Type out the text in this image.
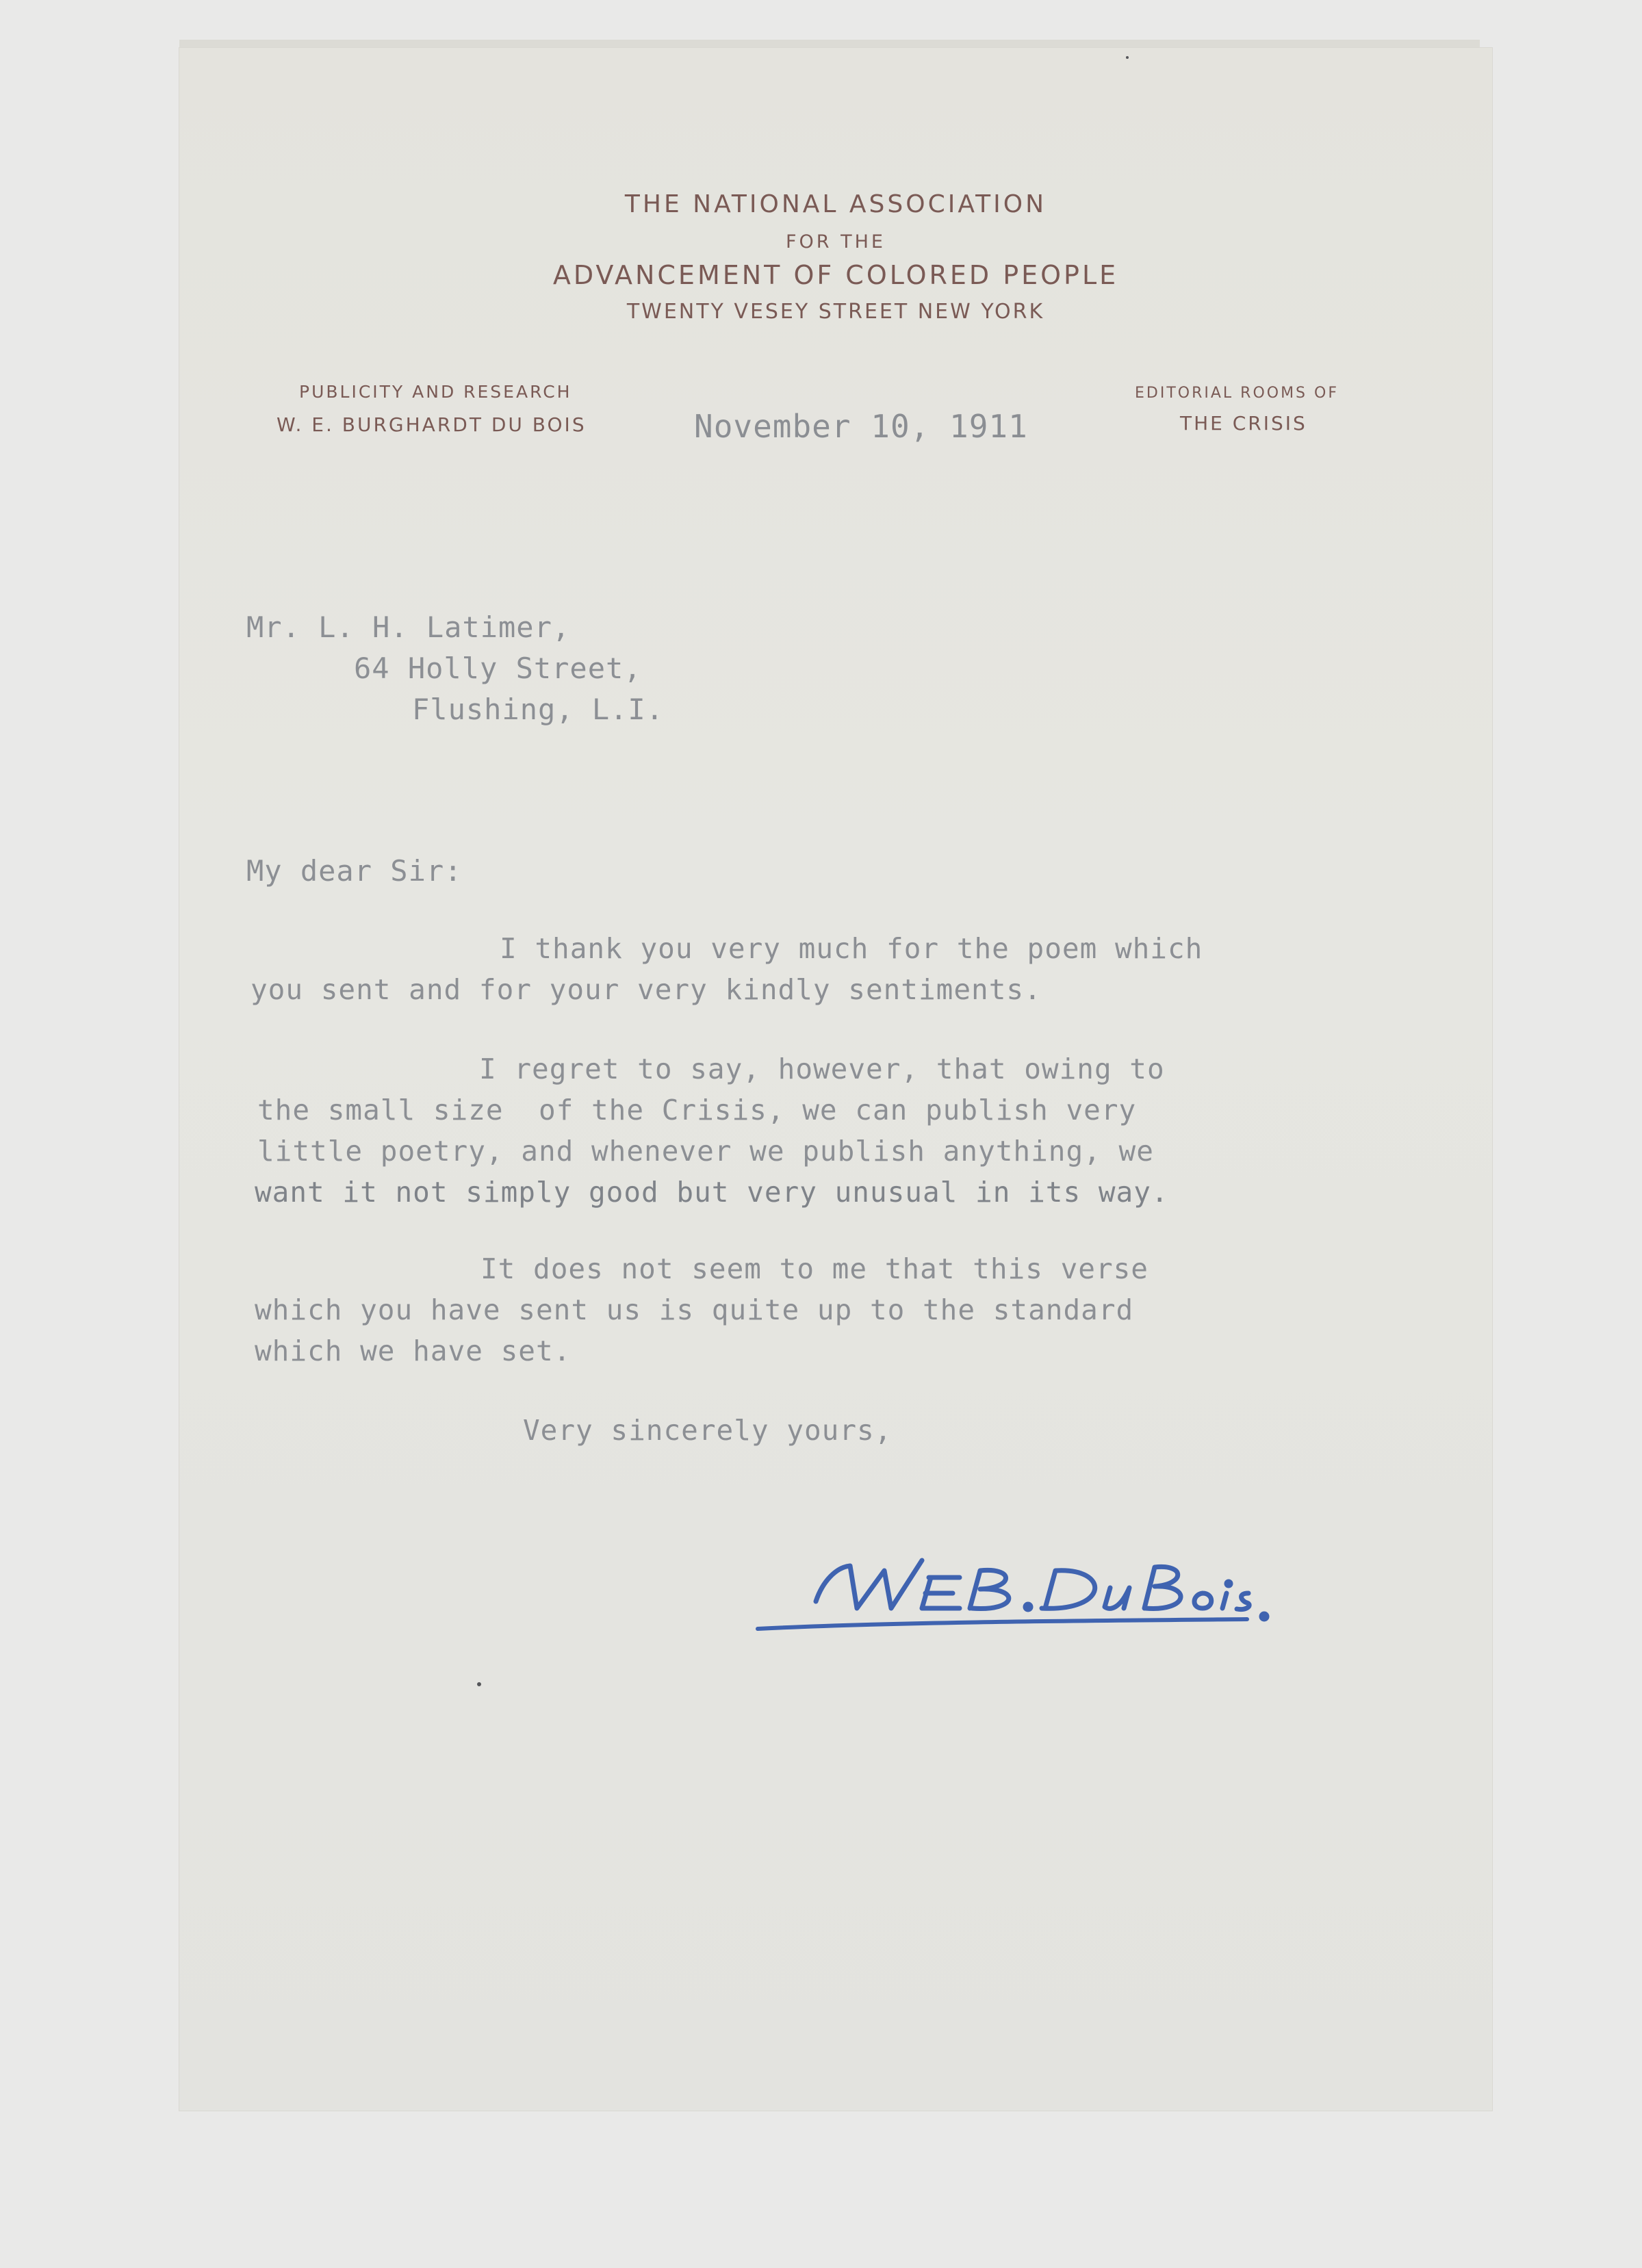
THE NATIONAL ASSOCIATION
FOR THE
ADVANCEMENT OF COLORED PEOPLE
TWENTY VESEY STREET NEW YORK
PUBLICITY AND RESEARCH
W. E. BURGHARDT DU BOIS
EDITORIAL ROOMS OF
THE CRISIS
November 10, 1911
Mr. L. H. Latimer,
64 Holly Street,
Flushing, L.I.
My dear Sir:
I thank you very much for the poem which
you sent and for your very kindly sentiments.
I regret to say, however, that owing to
the small size  of the Crisis, we can publish very
little poetry, and whenever we publish anything, we
want it not simply good but very unusual in its way.
It does not seem to me that this verse
which you have sent us is quite up to the standard
which we have set.
Very sincerely yours,
W.E.B. DuBois.
